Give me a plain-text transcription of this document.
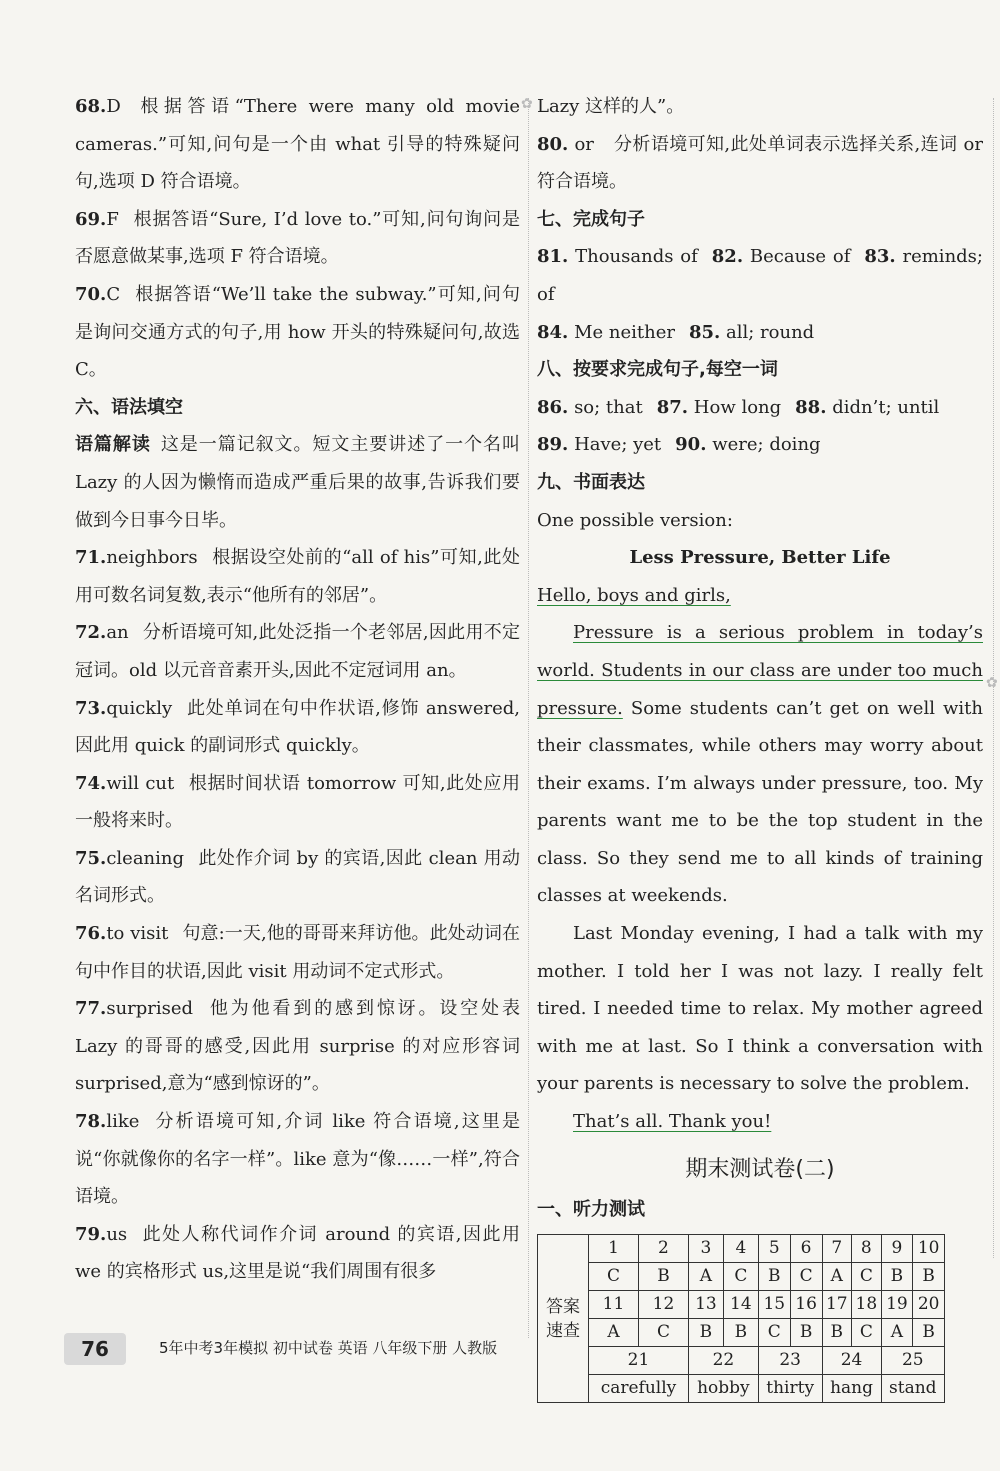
✿
✿

68.D 根据答语“There were many old movie cameras.”可知,问句是一个由 what 引导的特殊疑问句,选项 D 符合语境。

69.F 根据答语“Sure, I’d love to.”可知,问句询问是否愿意做某事,选项 F 符合语境。

70.C 根据答语“We’ll take the subway.”可知,问句是询问交通方式的句子,用 how 开头的特殊疑问句,故选 C。

六、语法填空

语篇解读 这是一篇记叙文。短文主要讲述了一个名叫 Lazy 的人因为懒惰而造成严重后果的故事,告诉我们要做到今日事今日毕。

71.neighbors 根据设空处前的“all of his”可知,此处用可数名词复数,表示“他所有的邻居”。

72.an 分析语境可知,此处泛指一个老邻居,因此用不定冠词。old 以元音音素开头,因此不定冠词用 an。

73.quickly 此处单词在句中作状语,修饰 answered,因此用 quick 的副词形式 quickly。

74.will cut 根据时间状语 tomorrow 可知,此处应用一般将来时。

75.cleaning 此处作介词 by 的宾语,因此 clean 用动名词形式。

76.to visit 句意:一天,他的哥哥来拜访他。此处动词在句中作目的状语,因此 visit 用动词不定式形式。

77.surprised 他为他看到的感到惊讶。设空处表 Lazy 的哥哥的感受,因此用 surprise 的对应形容词 surprised,意为“感到惊讶的”。

78.like 分析语境可知,介词 like 符合语境,这里是说“你就像你的名字一样”。like 意为“像……一样”,符合语境。

79.us 此处人称代词作介词 around 的宾语,因此用 we 的宾格形式 us,这里是说“我们周围有很多

Lazy 这样的人”。

80. or 分析语境可知,此处单词表示选择关系,连词 or 符合语境。

七、完成句子

81. Thousands of 82. Because of 83. reminds; of

84. Me neither 85. all; round

八、按要求完成句子,每空一词

86. so; that 87. How long 88. didn’t; until

89. Have; yet 90. were; doing

九、书面表达

One possible version:

Less Pressure, Better Life

Hello, boys and girls,

Pressure is a serious problem in today’s world. Students in our class are under too much pressure. Some students can’t get on well with their classmates, while others may worry about their exams. I’m always under pressure, too. My parents want me to be the top student in the class. So they send me to all kinds of training classes at weekends.

Last Monday evening, I had a talk with my mother. I told her I was not lazy. I really felt tired. I needed time to relax. My mother agreed with me at last. So I think a conversation with your parents is necessary to solve the problem.

That’s all. Thank you!

期末测试卷(二)

一、听力测试

答案速查	1	2	3	4	5	6	7	8	9	10
	C	B	A	C	B	C	A	C	B	B
	11	12	13	14	15	16	17	18	19	20
	A	C	B	B	C	B	B	C	A	B
	21		22		23		24		25	
	carefully		hobby		thirty		hang		stand	
76	5年中考3年模拟 初中试卷 英语 八年级下册 人教版
